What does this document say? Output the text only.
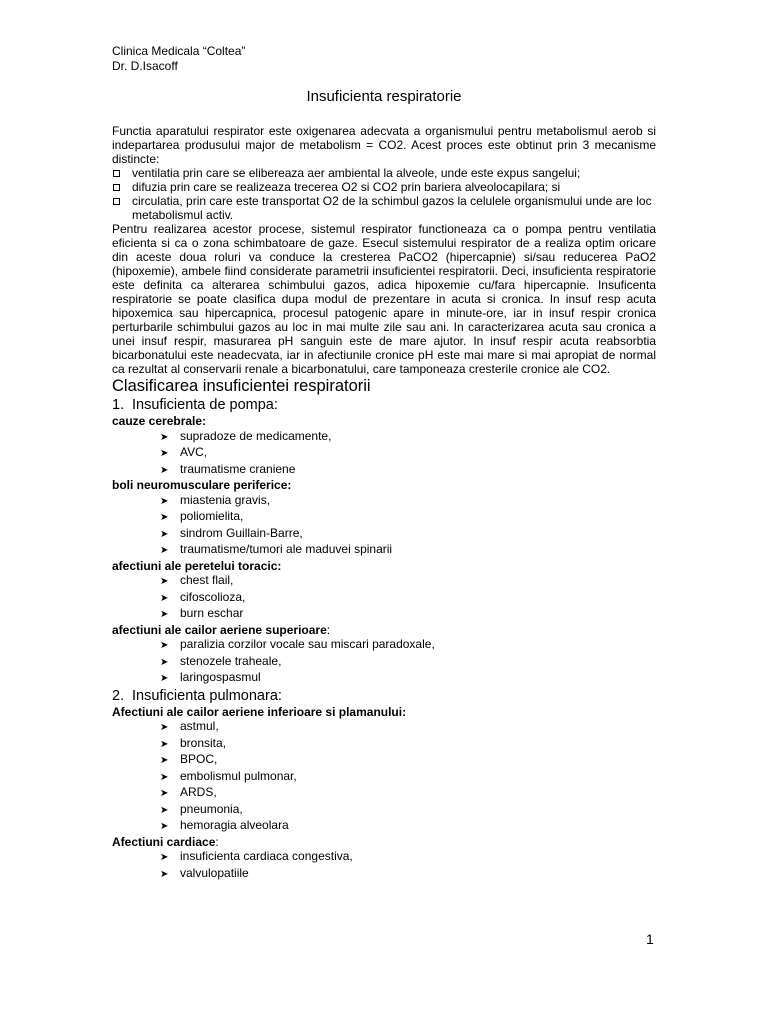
Clinica Medicala “Coltea”
Dr. D.Isacoff
Insuficienta respiratorie

Functia aparatului respirator este oxigenarea adecvata a organismului pentru metabolismul aerob si indepartarea produsului major de metabolism = CO2. Acest proces este obtinut prin 3 mecanisme distincte:

ventilatia prin care se elibereaza aer ambiental la alveole, unde este expus sangelui;
difuzia prin care se realizeaza trecerea O2 si CO2 prin bariera alveolocapilara; si
circulatia, prin care este transportat O2 de la schimbul gazos la celulele organismului unde are loc metabolismul activ.

Pentru realizarea acestor procese, sistemul respirator functioneaza ca o pompa pentru ventilatia eficienta si ca o zona schimbatoare de gaze. Esecul sistemului respirator de a realiza optim oricare din aceste doua roluri va conduce la cresterea PaCO2 (hipercapnie) si/sau reducerea PaO2 (hipoxemie), ambele fiind considerate parametrii insuficientei respiratorii. Deci, insuficienta respiratorie este definita ca alterarea schimbului gazos, adica hipoxemie cu/fara hipercapnie. Insuficenta respiratorie se poate clasifica dupa modul de prezentare in acuta si cronica. In insuf resp acuta hipoxemica sau hipercapnica, procesul patogenic apare in minute-ore, iar in insuf respir cronica perturbarile schimbului gazos au loc in mai multe zile sau ani. In caracterizarea acuta sau cronica a unei insuf respir, masurarea pH sanguin este de mare ajutor. In insuf respir acuta reabsorbtia bicarbonatului este neadecvata, iar in afectiunile cronice pH este mai mare si mai apropiat de normal ca rezultat al conservarii renale a bicarbonatului, care tamponeaza cresterile cronice ale CO2.

Clasificarea insuficientei respiratorii
1. Insuficienta de pompa:
cauze cerebrale:
➤ supradoze de medicamente,
➤ AVC,
➤ traumatisme craniene
boli neuromusculare periferice:
➤ miastenia gravis,
➤ poliomielita,
➤ sindrom Guillain-Barre,
➤ traumatisme/tumori ale maduvei spinarii
afectiuni ale peretelui toracic:
➤ chest flail,
➤ cifoscolioza,
➤ burn eschar
afectiuni ale cailor aeriene superioare:
➤ paralizia corzilor vocale sau miscari paradoxale,
➤ stenozele traheale,
➤ laringospasmul
2. Insuficienta pulmonara:
Afectiuni ale cailor aeriene inferioare si plamanului:
➤ astmul,
➤ bronsita,
➤ BPOC,
➤ embolismul pulmonar,
➤ ARDS,
➤ pneumonia,
➤ hemoragia alveolara
Afectiuni cardiace:
➤ insuficienta cardiaca congestiva,
➤ valvulopatiile
1
